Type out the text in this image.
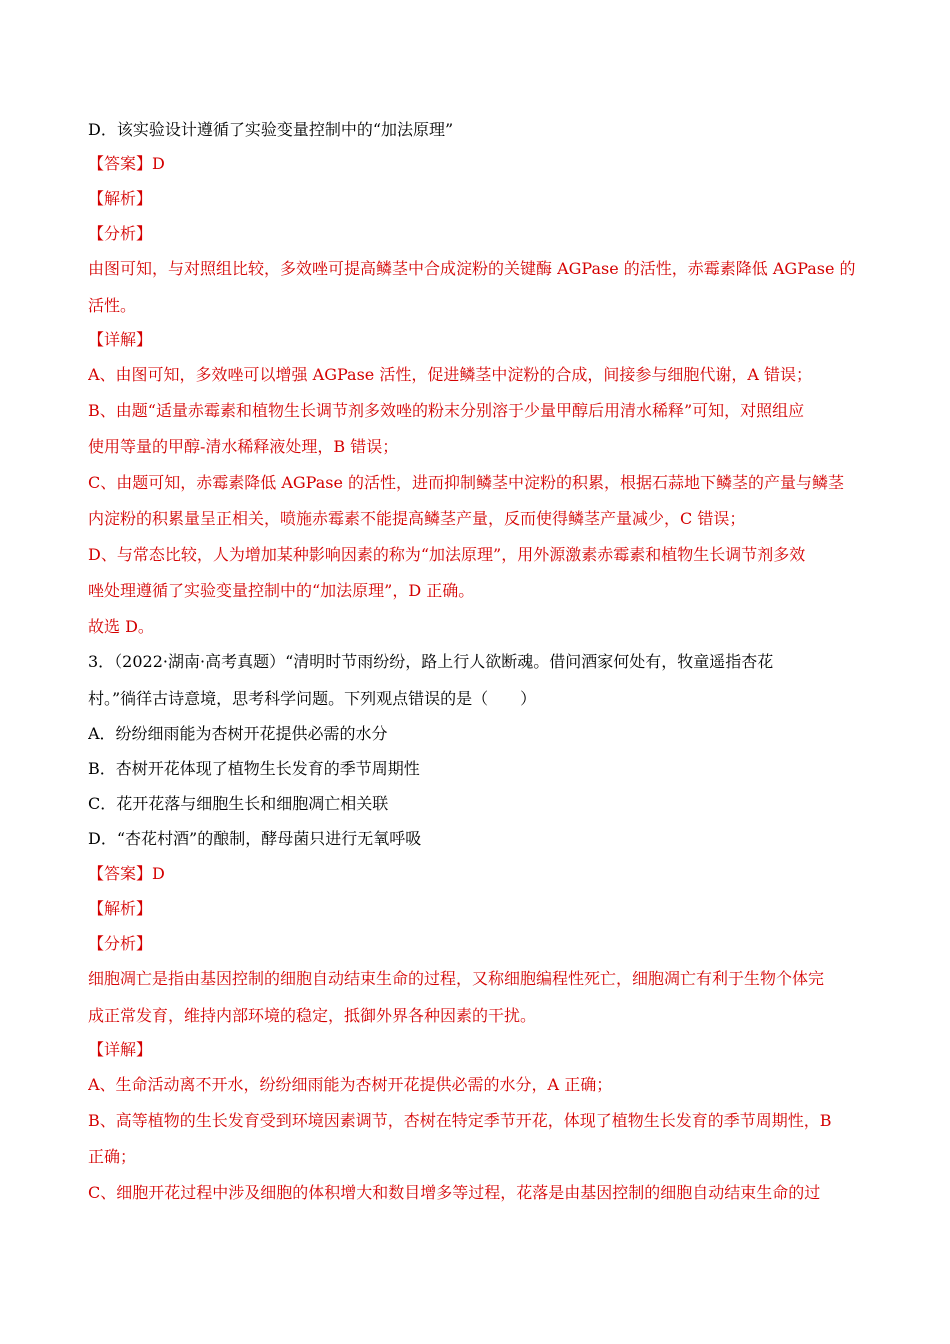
D．该实验设计遵循了实验变量控制中的“加法原理”
【答案】D
【解析】
【分析】
由图可知，与对照组比较，多效唑可提高鳞茎中合成淀粉的关键酶 AGPase 的活性，赤霉素降低 AGPase 的
活性。
【详解】
A、由图可知，多效唑可以增强 AGPase 活性，促进鳞茎中淀粉的合成，间接参与细胞代谢，A 错误；
B、由题“适量赤霉素和植物生长调节剂多效唑的粉末分别溶于少量甲醇后用清水稀释”可知，对照组应
使用等量的甲醇-清水稀释液处理，B 错误；
C、由题可知，赤霉素降低 AGPase 的活性，进而抑制鳞茎中淀粉的积累，根据石蒜地下鳞茎的产量与鳞茎
内淀粉的积累量呈正相关，喷施赤霉素不能提高鳞茎产量，反而使得鳞茎产量减少，C 错误；
D、与常态比较，人为增加某种影响因素的称为“加法原理”，用外源激素赤霉素和植物生长调节剂多效
唑处理遵循了实验变量控制中的“加法原理”，D 正确。
故选 D。
3．（2022·湖南·高考真题）“清明时节雨纷纷，路上行人欲断魂。借问酒家何处有，牧童遥指杏花
村。”徜徉古诗意境，思考科学问题。下列观点错误的是（　　）
A．纷纷细雨能为杏树开花提供必需的水分
B．杏树开花体现了植物生长发育的季节周期性
C．花开花落与细胞生长和细胞凋亡相关联
D．“杏花村酒”的酿制，酵母菌只进行无氧呼吸
【答案】D
【解析】
【分析】
细胞凋亡是指由基因控制的细胞自动结束生命的过程，又称细胞编程性死亡，细胞凋亡有利于生物个体完
成正常发育，维持内部环境的稳定，抵御外界各种因素的干扰。
【详解】
A、生命活动离不开水，纷纷细雨能为杏树开花提供必需的水分，A 正确；
B、高等植物的生长发育受到环境因素调节，杏树在特定季节开花，体现了植物生长发育的季节周期性，B
正确；
C、细胞开花过程中涉及细胞的体积增大和数目增多等过程，花落是由基因控制的细胞自动结束生命的过
